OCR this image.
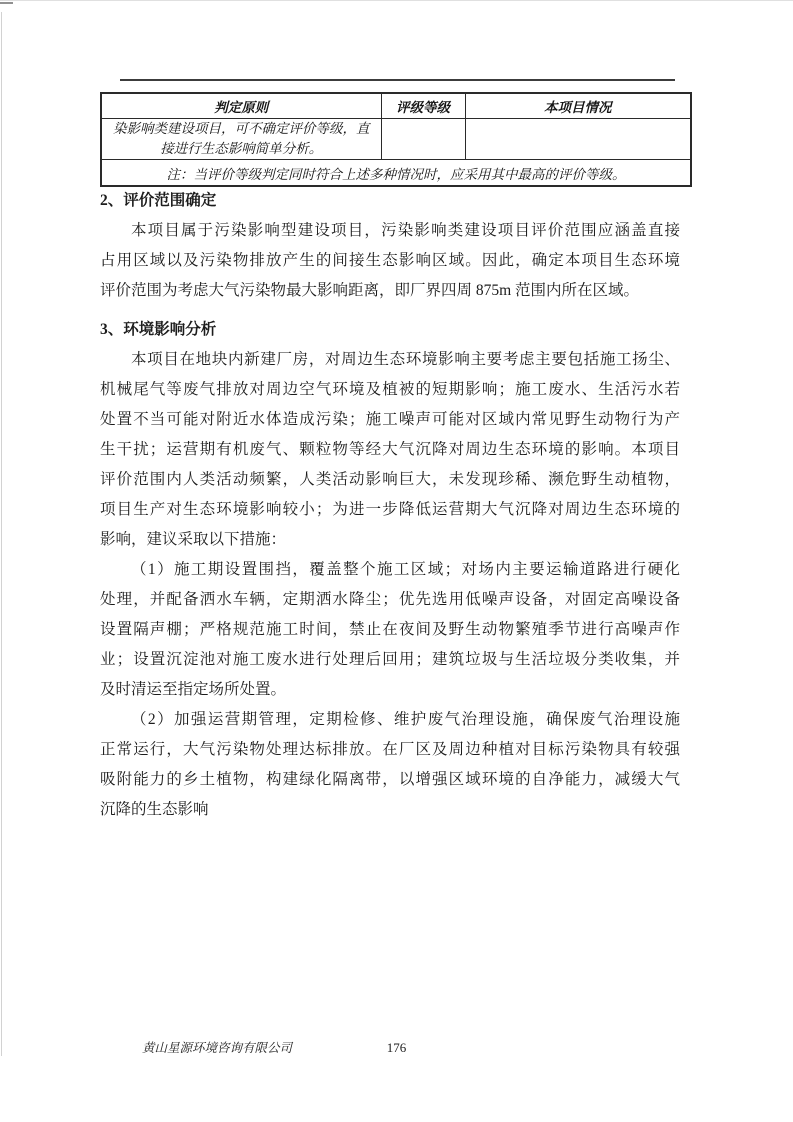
判定原则	评级等级	本项目情况

染影响类建设项目，可不确定评价等级，直
接进行生态影响简单分析。		

注：当评价等级判定同时符合上述多种情况时，应采用其中最高的评价等级。		
2、评价范围确定
本项目属于污染影响型建设项目，污染影响类建设项目评价范围应涵盖直接
占用区域以及污染物排放产生的间接生态影响区域。因此，确定本项目生态环境
评价范围为考虑大气污染物最大影响距离，即厂界四周 875m 范围内所在区域。
3、环境影响分析
本项目在地块内新建厂房，对周边生态环境影响主要考虑主要包括施工扬尘、
机械尾气等废气排放对周边空气环境及植被的短期影响；施工废水、生活污水若
处置不当可能对附近水体造成污染；施工噪声可能对区域内常见野生动物行为产
生干扰；运营期有机废气、颗粒物等经大气沉降对周边生态环境的影响。本项目
评价范围内人类活动频繁，人类活动影响巨大，未发现珍稀、濒危野生动植物，
项目生产对生态环境影响较小；为进一步降低运营期大气沉降对周边生态环境的
影响，建议采取以下措施：
（1）施工期设置围挡，覆盖整个施工区域；对场内主要运输道路进行硬化
处理，并配备洒水车辆，定期洒水降尘；优先选用低噪声设备，对固定高噪设备
设置隔声棚；严格规范施工时间，禁止在夜间及野生动物繁殖季节进行高噪声作
业；设置沉淀池对施工废水进行处理后回用；建筑垃圾与生活垃圾分类收集，并
及时清运至指定场所处置。
（2）加强运营期管理，定期检修、维护废气治理设施，确保废气治理设施
正常运行，大气污染物处理达标排放。在厂区及周边种植对目标污染物具有较强
吸附能力的乡土植物，构建绿化隔离带，以增强区域环境的自净能力，减缓大气
沉降的生态影响
黄山星源环境咨询有限公司	176
